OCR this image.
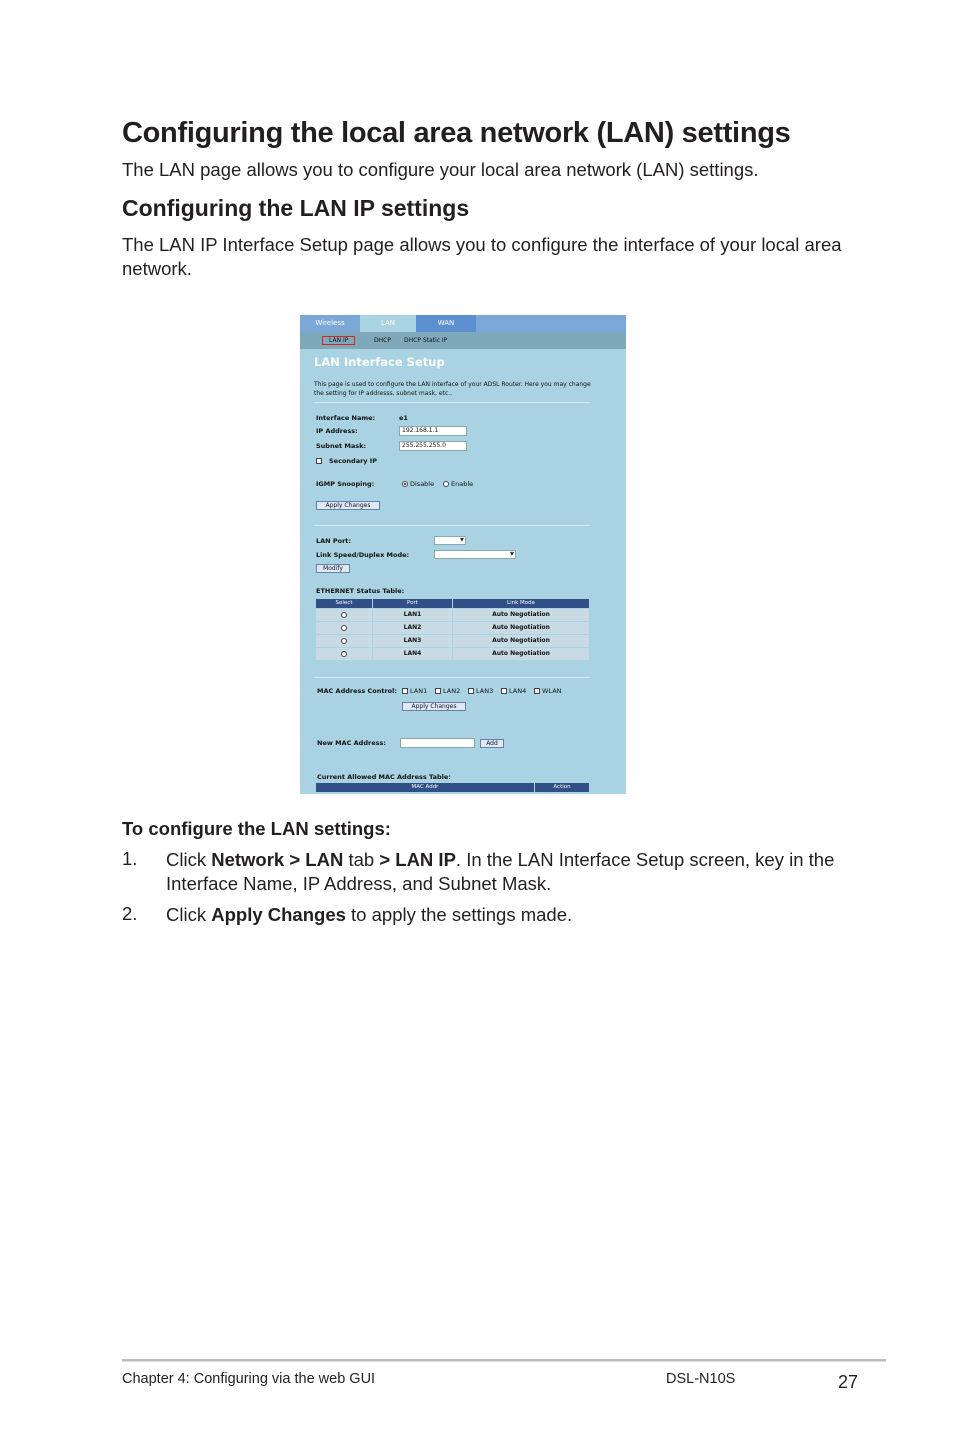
Configuring the local area network (LAN) settings
The LAN page allows you to configure your local area network (LAN) settings.
Configuring the LAN IP settings
The LAN IP Interface Setup page allows you to configure the interface of your local area network.
Wireless	LAN	WAN
LAN IP	DHCP DHCP Static IP
LAN Interface Setup
This page is used to configure the LAN interface of your ADSL Router. Here you may change the setting for IP addresss, subnet mask, etc..
Interface Name:	e1
IP Address:	192.168.1.1
Subnet Mask:	255.255.255.0
Secondary IP
IGMP Snooping:	Disable	Enable
Apply Changes
LAN Port:
▾
Link Speed/Duplex Mode:
▾
Modify
ETHERNET Status Table:
Select	Port	Link Mode
LAN1	Auto Negotiation
LAN2	Auto Negotiation
LAN3	Auto Negotiation
LAN4	Auto Negotiation
MAC Address Control: LAN1 LAN2 LAN3 LAN4 WLAN
Apply Changes
New MAC Address:	Add
Current Allowed MAC Address Table:
MAC Addr	Action
To configure the LAN settings:
1. Click Network > LAN tab > LAN IP. In the LAN Interface Setup screen, key in the Interface Name, IP Address, and Subnet Mask.
2. Click Apply Changes to apply the settings made.
Chapter 4: Configuring via the web GUI	DSL-N10S	27
